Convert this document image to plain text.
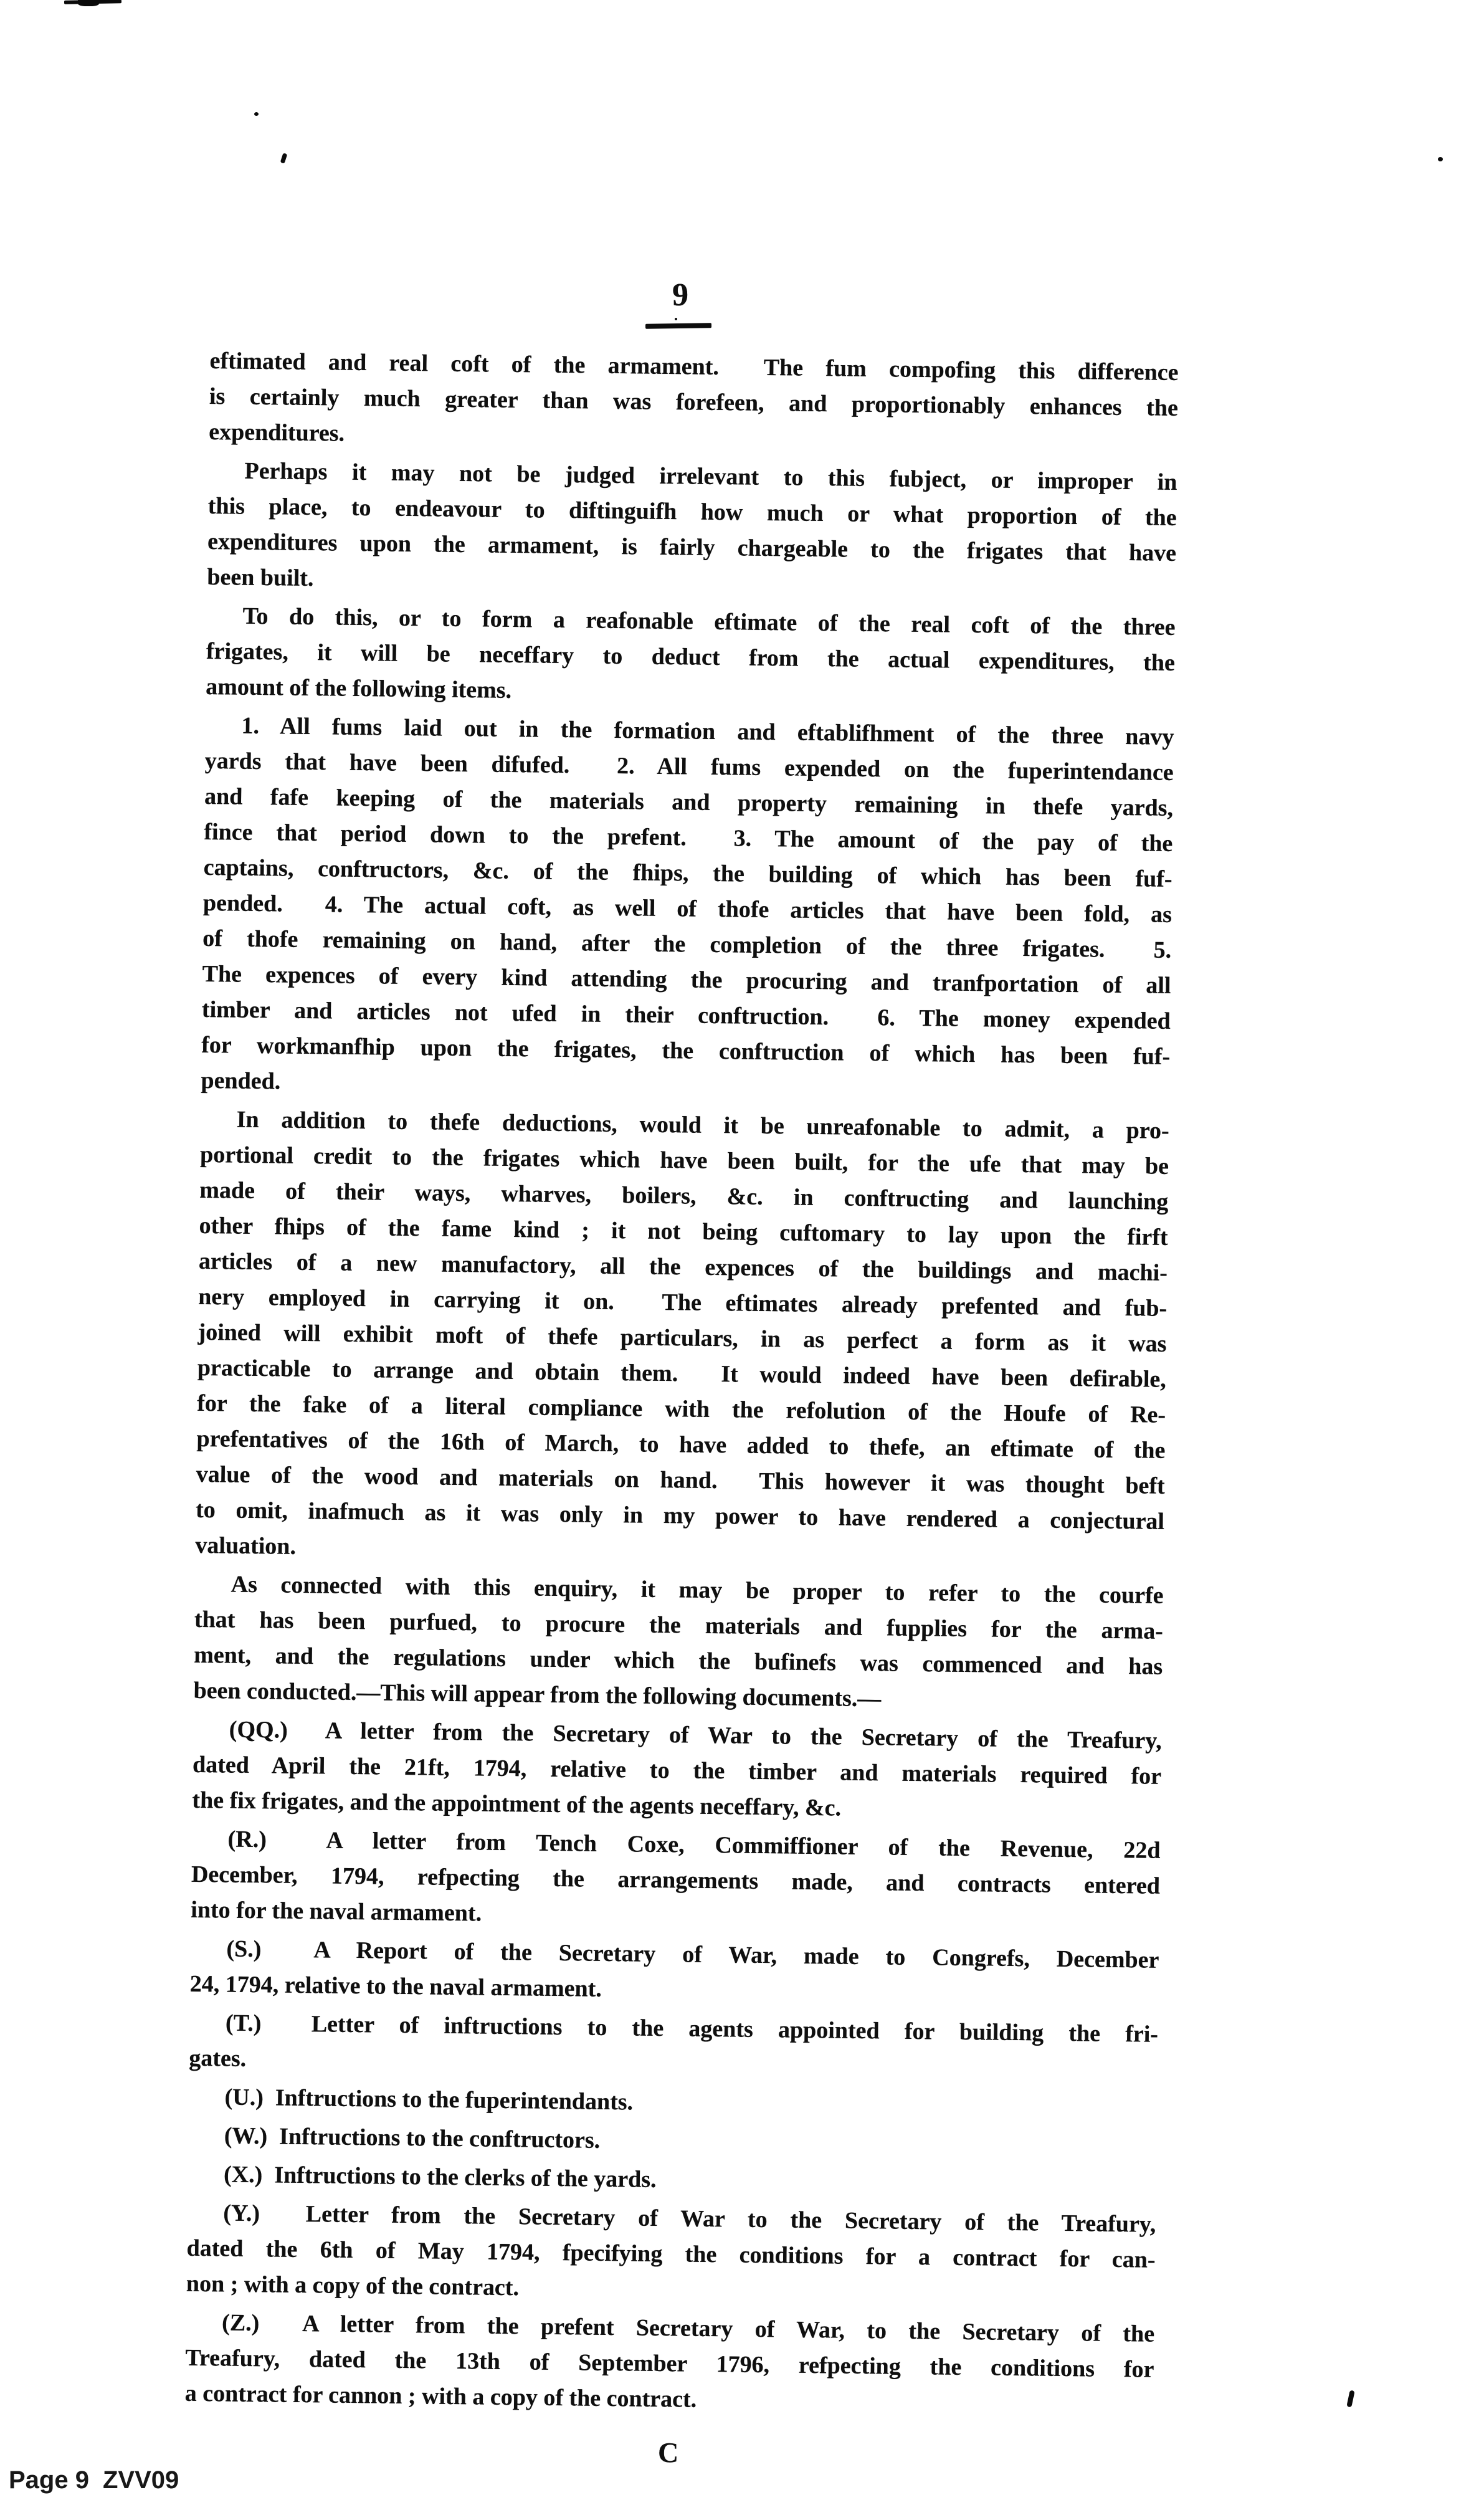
9
eftimated and real coft of the armament.  The fum compofing this difference
is certainly much greater than was forefeen, and proportionably enhances the
expenditures.
Perhaps it may not be judged irrelevant to this fubject, or improper in
this place, to endeavour to diftinguifh how much or what proportion of the
expenditures upon the armament, is fairly chargeable to the frigates that have
been built.
To do this, or to form a reafonable eftimate of the real coft of the three
frigates, it will be neceffary to deduct from the actual expenditures, the
amount of the following items.
1. All fums laid out in the formation and eftablifhment of the three navy
yards that have been difufed.  2. All fums expended on the fuperintendance
and fafe keeping of the materials and property remaining in thefe yards,
fince that period down to the prefent.  3. The amount of the pay of the
captains, conftructors, &c. of the fhips, the building of which has been fuf-
pended.  4. The actual coft, as well of thofe articles that have been fold, as
of thofe remaining on hand, after the completion of the three frigates.  5.
The expences of every kind attending the procuring and tranfportation of all
timber and articles not ufed in their conftruction.  6. The money expended
for workmanfhip upon the frigates, the conftruction of which has been fuf-
pended.
In addition to thefe deductions, would it be unreafonable to admit, a pro-
portional credit to the frigates which have been built, for the ufe that may be
made of their ways, wharves, boilers, &c. in conftructing and launching
other fhips of the fame kind ; it not being cuftomary to lay upon the firft
articles of a new manufactory, all the expences of the buildings and machi-
nery employed in carrying it on.  The eftimates already prefented and fub-
joined will exhibit moft of thefe particulars, in as perfect a form as it was
practicable to arrange and obtain them.  It would indeed have been defirable,
for the fake of a literal compliance with the refolution of the Houfe of Re-
prefentatives of the 16th of March, to have added to thefe, an eftimate of the
value of the wood and materials on hand.  This however it was thought beft
to omit, inafmuch as it was only in my power to have rendered a conjectural
valuation.
As connected with this enquiry, it may be proper to refer to the courfe
that has been purfued, to procure the materials and fupplies for the arma-
ment, and the regulations under which the bufinefs was commenced and has
been conducted.—This will appear from the following documents.—
(QQ.)  A letter from the Secretary of War to the Secretary of the Treafury,
dated April the 21ft, 1794, relative to the timber and materials required for
the fix frigates, and the appointment of the agents neceffary, &c.
(R.)  A letter from Tench Coxe, Commiffioner of the Revenue, 22d
December, 1794, refpecting the arrangements made, and contracts entered
into for the naval armament.
(S.)  A Report of the Secretary of War, made to Congrefs, December
24, 1794, relative to the naval armament.
(T.)  Letter of inftructions to the agents appointed for building the fri-
gates.
(U.)  Inftructions to the fuperintendants.
(W.)  Inftructions to the conftructors.
(X.)  Inftructions to the clerks of the yards.
(Y.)  Letter from the Secretary of War to the Secretary of the Treafury,
dated the 6th of May 1794, fpecifying the conditions for a contract for can-
non ; with a copy of the contract.
(Z.)  A letter from the prefent Secretary of War, to the Secretary of the
Treafury, dated the 13th of September 1796, refpecting the conditions for
a contract for cannon ; with a copy of the contract.
C
Page 9 ZVV09
